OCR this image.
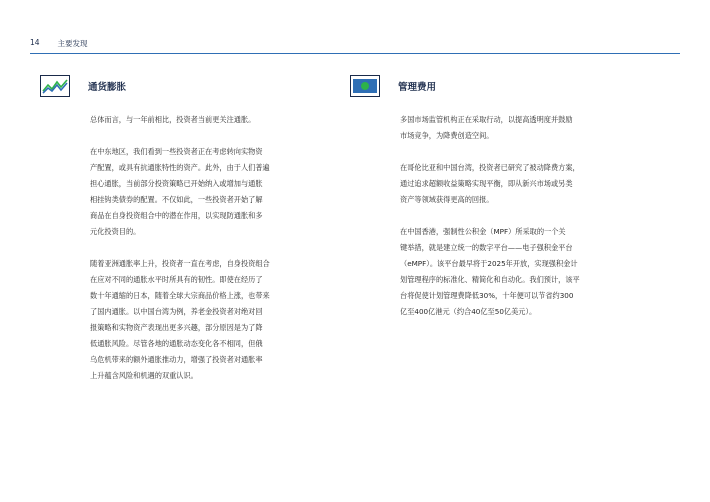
14 主要发现
通货膨胀

总体而言，与一年前相比，投资者当前更关注通胀。

在中东地区，我们看到一些投资者正在考虑转向实物资
产配置，或具有抗通胀特性的资产。此外，由于人们普遍
担心通胀，当前部分投资策略已开始纳入或增加与通胀
相挂钩类债券的配置。不仅如此，一些投资者开始了解
商品在自身投资组合中的潜在作用，以实现防通胀和多
元化投资目的。

随着亚洲通胀率上升，投资者一直在考虑，自身投资组合
在应对不同的通胀水平时所具有的韧性。即使在经历了
数十年通缩的日本，随着全球大宗商品价格上涨，也带来
了国内通胀。以中国台湾为例，养老金投资者对绝对回
报策略和实物资产表现出更多兴趣，部分原因是为了降
低通胀风险。尽管各地的通胀动态变化各不相同，但俄
乌危机带来的额外通胀推动力，增强了投资者对通胀率
上升蕴含风险和机遇的双重认识。

管理费用

多国市场监管机构正在采取行动，以提高透明度并鼓励
市场竞争，为降费创造空间。

在哥伦比亚和中国台湾，投资者已研究了被动降费方案，
通过追求超额收益策略实现平衡，即从新兴市场或另类
资产等领域获得更高的回报。

在中国香港，强制性公积金（MPF）所采取的一个关
键举措，就是建立统一的数字平台——电子强积金平台
（eMPF）。该平台最早将于2025年开放，实现强积金计
划管理程序的标准化、精简化和自动化。我们预计，该平
台将促使计划管理费降低30%，十年便可以节省约300
亿至400亿港元（约合40亿至50亿美元）。
